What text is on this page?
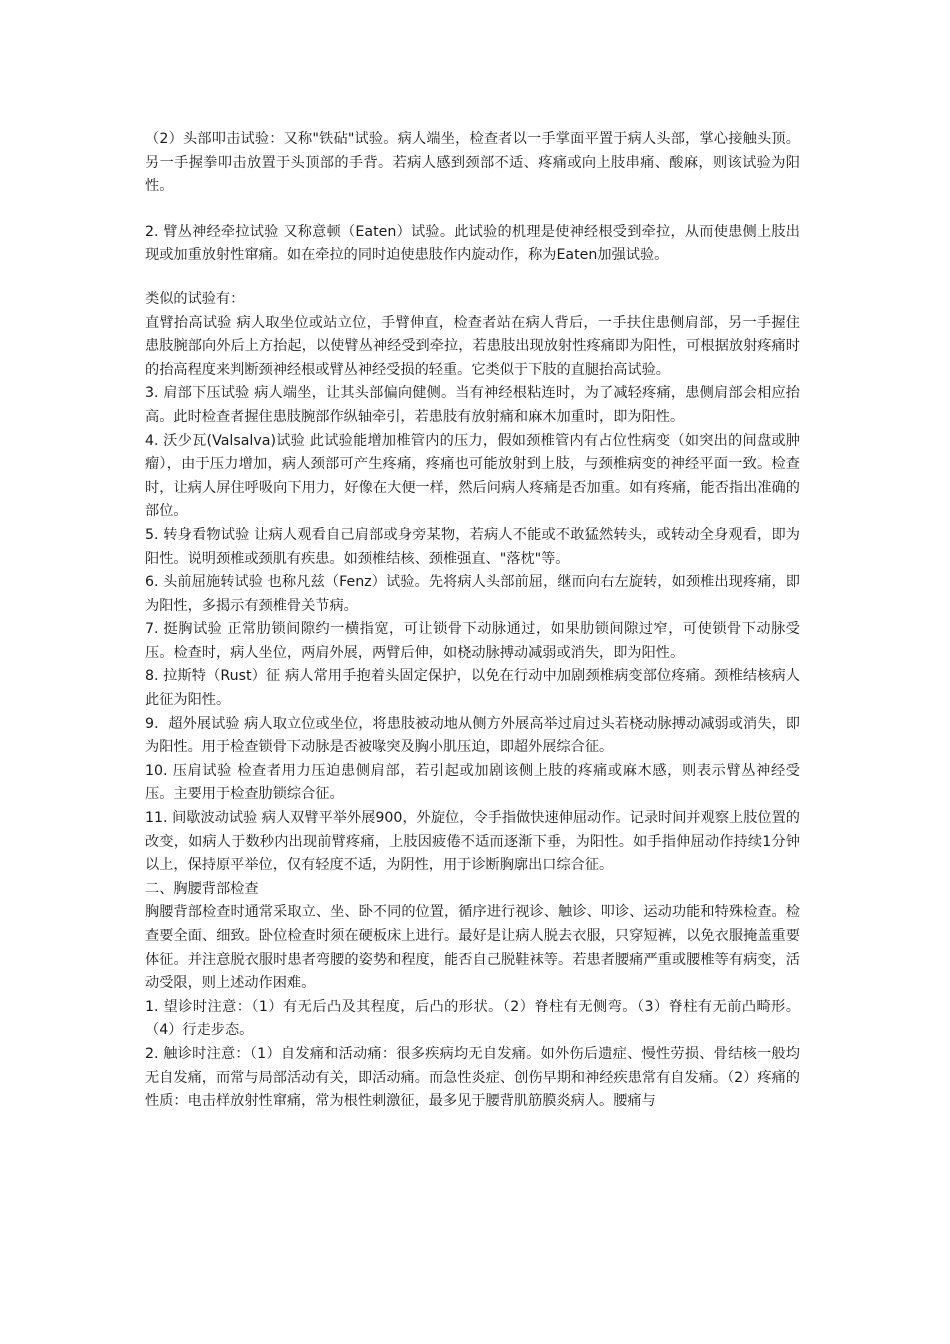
（2）头部叩击试验：又称"铁砧"试验。病人端坐，检查者以一手掌面平置于病人头部，掌心接触头顶。另一手握拳叩击放置于头顶部的手背。若病人感到颈部不适、疼痛或向上肢串痛、酸麻，则该试验为阳性。

2. 臂丛神经牵拉试验 又称意顿（Eaten）试验。此试验的机理是使神经根受到牵拉，从而使患侧上肢出现或加重放射性窜痛。如在牵拉的同时迫使患肢作内旋动作，称为Eaten加强试验。

类似的试验有：

直臂抬高试验 病人取坐位或站立位，手臂伸直，检查者站在病人背后，一手扶住患侧肩部，另一手握住患肢腕部向外后上方抬起，以使臂丛神经受到牵拉，若患肢出现放射性疼痛即为阳性，可根据放射疼痛时的抬高程度来判断颈神经根或臂丛神经受损的轻重。它类似于下肢的直腿抬高试验。

3. 肩部下压试验 病人端坐，让其头部偏向健侧。当有神经根粘连时，为了减轻疼痛，患侧肩部会相应抬高。此时检查者握住患肢腕部作纵轴牵引，若患肢有放射痛和麻木加重时，即为阳性。

4. 沃少瓦(Valsalva)试验 此试验能增加椎管内的压力，假如颈椎管内有占位性病变（如突出的间盘或肿瘤），由于压力增加，病人颈部可产生疼痛，疼痛也可能放射到上肢，与颈椎病变的神经平面一致。检查时，让病人屏住呼吸向下用力，好像在大便一样，然后问病人疼痛是否加重。如有疼痛，能否指出准确的部位。

5. 转身看物试验 让病人观看自己肩部或身旁某物，若病人不能或不敢猛然转头，或转动全身观看，即为阳性。说明颈椎或颈肌有疾患。如颈椎结核、颈椎强直、"落枕"等。

6. 头前屈施转试验 也称凡兹（Fenz）试验。先将病人头部前屈，继而向右左旋转，如颈椎出现疼痛，即为阳性，多揭示有颈椎骨关节病。

7. 挺胸试验 正常肋锁间隙约一横指宽，可让锁骨下动脉通过，如果肋锁间隙过窄，可使锁骨下动脉受压。检查时，病人坐位，两肩外展，两臂后伸，如桡动脉搏动减弱或消失，即为阳性。

8. 拉斯特（Rust）征 病人常用手抱着头固定保护，以免在行动中加剧颈椎病变部位疼痛。颈椎结核病人此征为阳性。

9．超外展试验 病人取立位或坐位，将患肢被动地从侧方外展高举过肩过头若桡动脉搏动减弱或消失，即为阳性。用于检查锁骨下动脉是否被喙突及胸小肌压迫，即超外展综合征。

10. 压肩试验 检查者用力压迫患侧肩部，若引起或加剧该侧上肢的疼痛或麻木感，则表示臂丛神经受压。主要用于检查肋锁综合征。

11. 间歇波动试验 病人双臂平举外展900，外旋位，令手指做快速伸屈动作。记录时间并观察上肢位置的改变，如病人于数秒内出现前臂疼痛，上肢因疲倦不适而逐渐下垂，为阳性。如手指伸屈动作持续1分钟以上，保持原平举位，仅有轻度不适，为阴性，用于诊断胸廓出口综合征。

二、胸腰背部检查

胸腰背部检查时通常采取立、坐、卧不同的位置，循序进行视诊、触诊、叩诊、运动功能和特殊检查。检查要全面、细致。卧位检查时须在硬板床上进行。最好是让病人脱去衣服，只穿短裤，以免衣服掩盖重要体征。并注意脱衣服时患者弯腰的姿势和程度，能否自己脱鞋袜等。若患者腰痛严重或腰椎等有病变，活动受限，则上述动作困难。

1. 望诊时注意：（1）有无后凸及其程度，后凸的形状。（2）脊柱有无侧弯。（3）脊柱有无前凸畸形。（4）行走步态。

2. 触诊时注意：（1）自发痛和活动痛：很多疾病均无自发痛。如外伤后遗症、慢性劳损、骨结核一般均无自发痛，而常与局部活动有关，即活动痛。而急性炎症、创伤早期和神经疾患常有自发痛。（2）疼痛的性质：电击样放射性窜痛，常为根性刺激征，最多见于腰背肌筋膜炎病人。腰痛与
